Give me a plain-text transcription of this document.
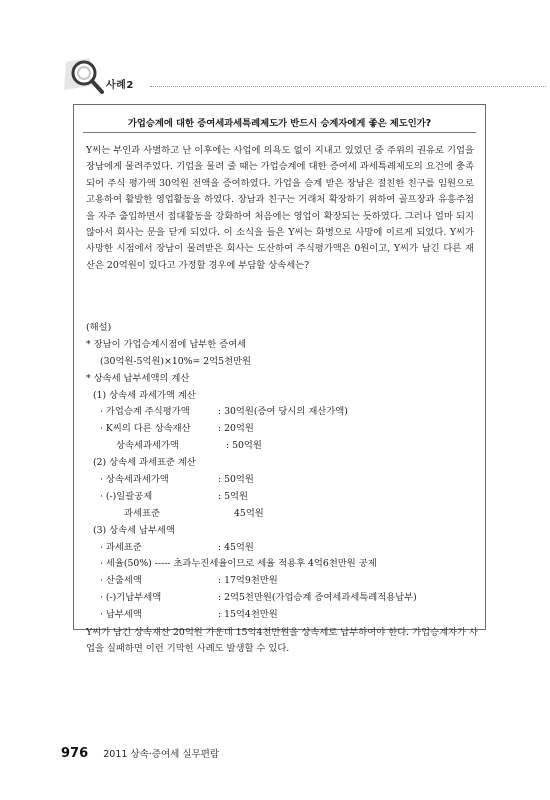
사례2
가업승계에 대한 증여세과세특례제도가 반드시 승계자에게 좋은 제도인가?

Y씨는 부인과 사별하고 난 이후에는 사업에 의욕도 없이 지내고 있었던 중 주위의 권유로 기업을 장남에게 물려주었다. 기업을 물려 줄 때는 가업승계에 대한 증여세 과세특례제도의 요건에 충족되어 주식 평가액 30억원 전액을 증여하였다. 가업을 승계 받은 장남은 절친한 친구를 임원으로 고용하여 활발한 영업활동을 하였다. 장남과 친구는 거래처 확장하기 위하여 골프장과 유흥주점을 자주 출입하면서 접대활동을 강화하여 처음에는 영업이 확장되는 듯하였다. 그러나 얼마 되지 않아서 회사는 문을 닫게 되었다. 이 소식을 들은 Y씨는 화병으로 사망에 이르게 되었다. Y씨가 사망한 시점에서 장남이 물려받은 회사는 도산하여 주식평가액은 0원이고, Y씨가 남긴 다른 재산은 20억원이 있다고 가정할 경우에 부담할 상속세는?

(해설)
* 장남이 가업승계시점에 납부한 증여세
(30억원-5억원)×10%= 2억5천만원
* 상속세 납부세액의 계산
(1) 상속세 과세가액 계산
· 가업승계 주식평가액	: 30억원(증여 당시의 재산가액)
· K씨의 다른 상속재산	: 20억원
상속세과세가액	: 50억원
(2) 상속세 과세표준 계산
· 상속세과세가액	: 50억원
· (-)일괄공제	: 5억원
과세표준	45억원
(3) 상속세 납부세액
· 과세표준	: 45억원
· 세율(50%) ----- 초과누진세율이므로 세율 적용후 4억6천만원 공제
· 산출세액	: 17억9천만원
· (-)기납부세액	: 2억5천만원(가업승계 증여세과세특례적용납부)
· 납부세액	: 15억4천만원
Y씨가 남긴 상속재산 20억원 가운데 15억4천만원을 상속세로 납부하여야 한다. 가업승계자가 사업을 실패하면 이런 기막힌 사례도 발생할 수 있다.
976 2011 상속·증여세 실무편람
